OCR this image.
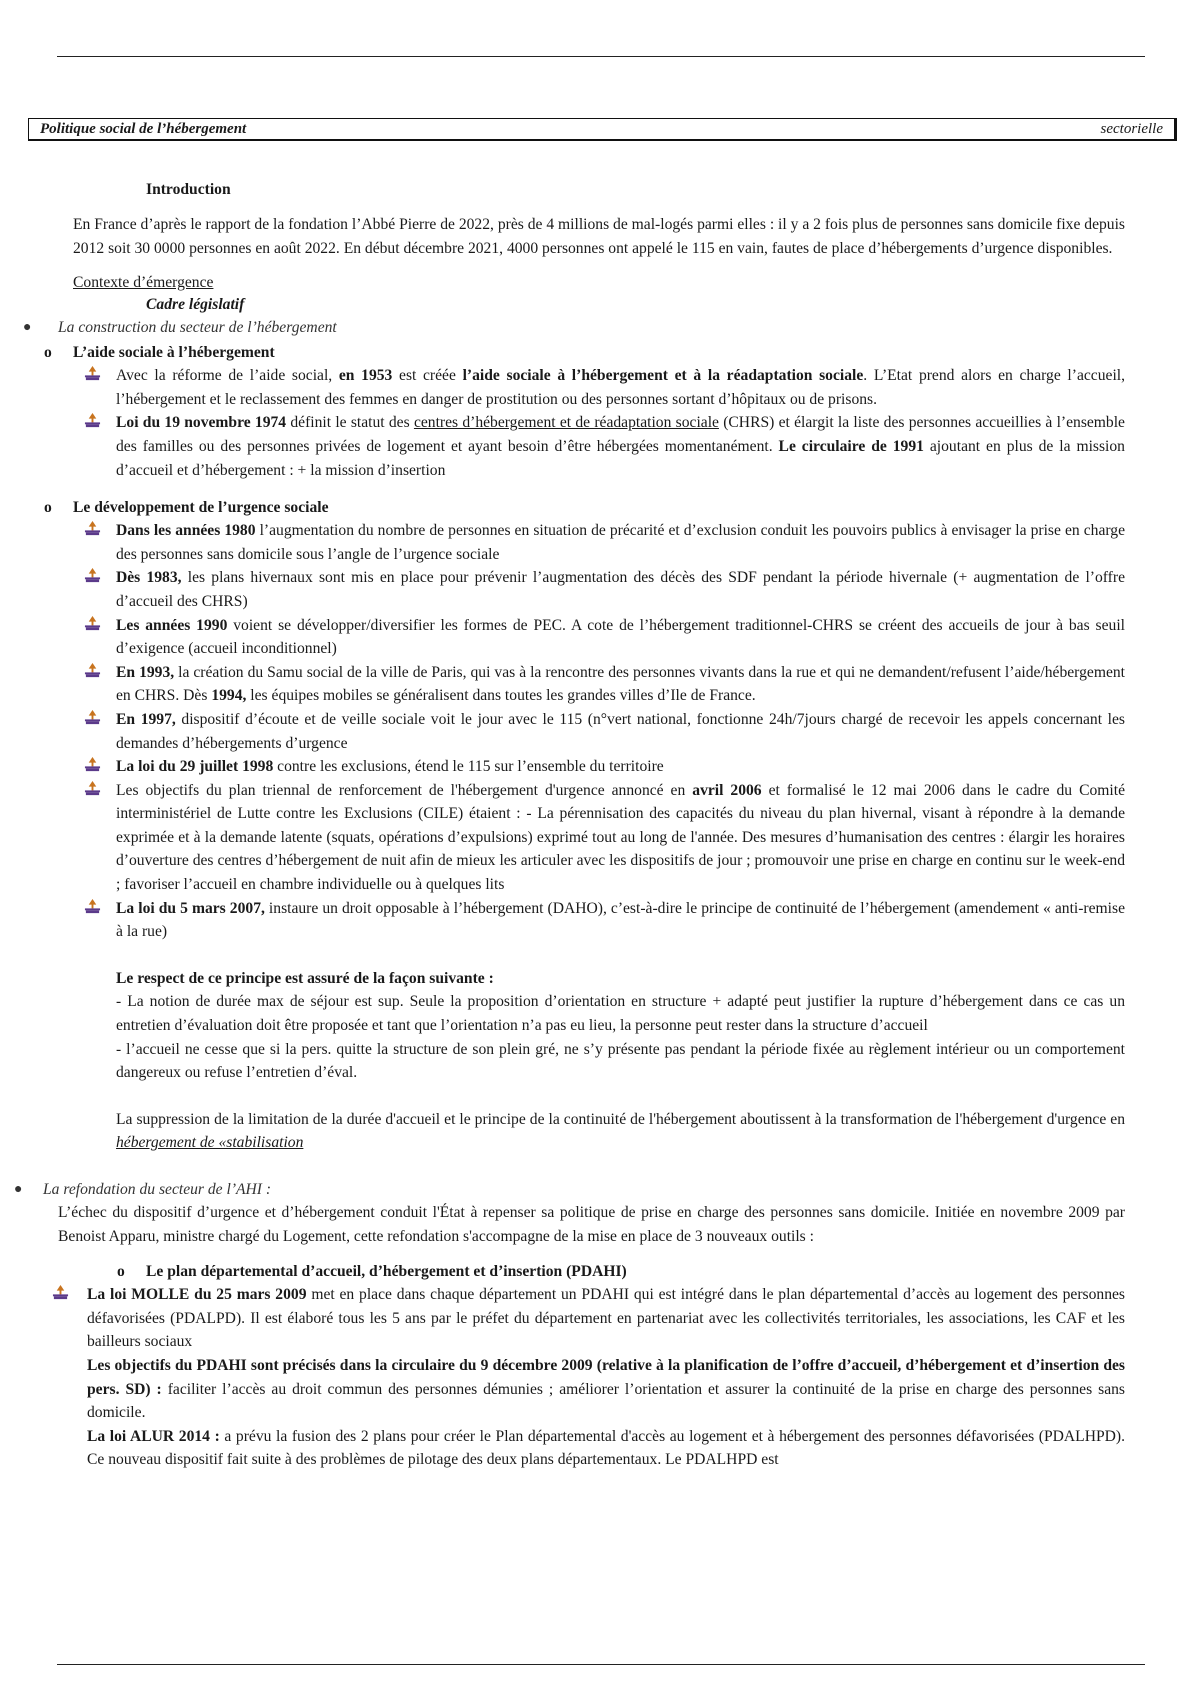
Politique social de l’hébergement	sectorielle
Introduction
En France d’après le rapport de la fondation l’Abbé Pierre de 2022, près de 4 millions de mal-logés parmi elles : il y a 2 fois plus de personnes sans domicile fixe depuis 2012 soit 30 0000 personnes en août 2022. En début décembre 2021, 4000 personnes ont appelé le 115 en vain, fautes de place d’hébergements d’urgence disponibles.
Contexte d’émergence
Cadre législatif
● La construction du secteur de l’hébergement
o L’aide sociale à l’hébergement
Avec la réforme de l’aide social, en 1953 est créée l’aide sociale à l’hébergement et à la réadaptation sociale. L’Etat prend alors en charge l’accueil, l’hébergement et le reclassement des femmes en danger de prostitution ou des personnes sortant d’hôpitaux ou de prisons.
Loi du 19 novembre 1974 définit le statut des centres d’hébergement et de réadaptation sociale (CHRS) et élargit la liste des personnes accueillies à l’ensemble des familles ou des personnes privées de logement et ayant besoin d’être hébergées momentanément. Le circulaire de 1991 ajoutant en plus de la mission d’accueil et d’hébergement : + la mission d’insertion
o Le développement de l’urgence sociale
Dans les années 1980 l’augmentation du nombre de personnes en situation de précarité et d’exclusion conduit les pouvoirs publics à envisager la prise en charge des personnes sans domicile sous l’angle de l’urgence sociale
Dès 1983, les plans hivernaux sont mis en place pour prévenir l’augmentation des décès des SDF pendant la période hivernale (+ augmentation de l’offre d’accueil des CHRS)
Les années 1990 voient se développer/diversifier les formes de PEC. A cote de l’hébergement traditionnel-CHRS se créent des accueils de jour à bas seuil d’exigence (accueil inconditionnel)
En 1993, la création du Samu social de la ville de Paris, qui vas à la rencontre des personnes vivants dans la rue et qui ne demandent/refusent l’aide/hébergement en CHRS. Dès 1994, les équipes mobiles se généralisent dans toutes les grandes villes d’Ile de France.
En 1997, dispositif d’écoute et de veille sociale voit le jour avec le 115 (n°vert national, fonctionne 24h/7jours chargé de recevoir les appels concernant les demandes d’hébergements d’urgence
La loi du 29 juillet 1998 contre les exclusions, étend le 115 sur l’ensemble du territoire
Les objectifs du plan triennal de renforcement de l'hébergement d'urgence annoncé en avril 2006 et formalisé le 12 mai 2006 dans le cadre du Comité interministériel de Lutte contre les Exclusions (CILE) étaient : - La pérennisation des capacités du niveau du plan hivernal, visant à répondre à la demande exprimée et à la demande latente (squats, opérations d’expulsions) exprimé tout au long de l'année. Des mesures d’humanisation des centres : élargir les horaires d’ouverture des centres d’hébergement de nuit afin de mieux les articuler avec les dispositifs de jour ; promouvoir une prise en charge en continu sur le week-end ; favoriser l’accueil en chambre individuelle ou à quelques lits
La loi du 5 mars 2007, instaure un droit opposable à l’hébergement (DAHO), c’est-à-dire le principe de continuité de l’hébergement (amendement « anti-remise à la rue)
Le respect de ce principe est assuré de la façon suivante :
- La notion de durée max de séjour est sup. Seule la proposition d’orientation en structure + adapté peut justifier la rupture d’hébergement dans ce cas un entretien d’évaluation doit être proposée et tant que l’orientation n’a pas eu lieu, la personne peut rester dans la structure d’accueil
- l’accueil ne cesse que si la pers. quitte la structure de son plein gré, ne s’y présente pas pendant la période fixée au règlement intérieur ou un comportement dangereux ou refuse l’entretien d’éval.
La suppression de la limitation de la durée d'accueil et le principe de la continuité de l'hébergement aboutissent à la transformation de l'hébergement d'urgence en hébergement de «stabilisation
● La refondation du secteur de l’AHI :
L’échec du dispositif d’urgence et d’hébergement conduit l'État à repenser sa politique de prise en charge des personnes sans domicile. Initiée en novembre 2009 par Benoist Apparu, ministre chargé du Logement, cette refondation s'accompagne de la mise en place de 3 nouveaux outils :
o Le plan départemental d’accueil, d’hébergement et d’insertion (PDAHI)
La loi MOLLE du 25 mars 2009 met en place dans chaque département un PDAHI qui est intégré dans le plan départemental d’accès au logement des personnes défavorisées (PDALPD). Il est élaboré tous les 5 ans par le préfet du département en partenariat avec les collectivités territoriales, les associations, les CAF et les bailleurs sociaux
Les objectifs du PDAHI sont précisés dans la circulaire du 9 décembre 2009 (relative à la planification de l’offre d’accueil, d’hébergement et d’insertion des pers. SD) : faciliter l’accès au droit commun des personnes démunies ; améliorer l’orientation et assurer la continuité de la prise en charge des personnes sans domicile.
La loi ALUR 2014 : a prévu la fusion des 2 plans pour créer le Plan départemental d'accès au logement et à hébergement des personnes défavorisées (PDALHPD). Ce nouveau dispositif fait suite à des problèmes de pilotage des deux plans départementaux. Le PDALHPD est
